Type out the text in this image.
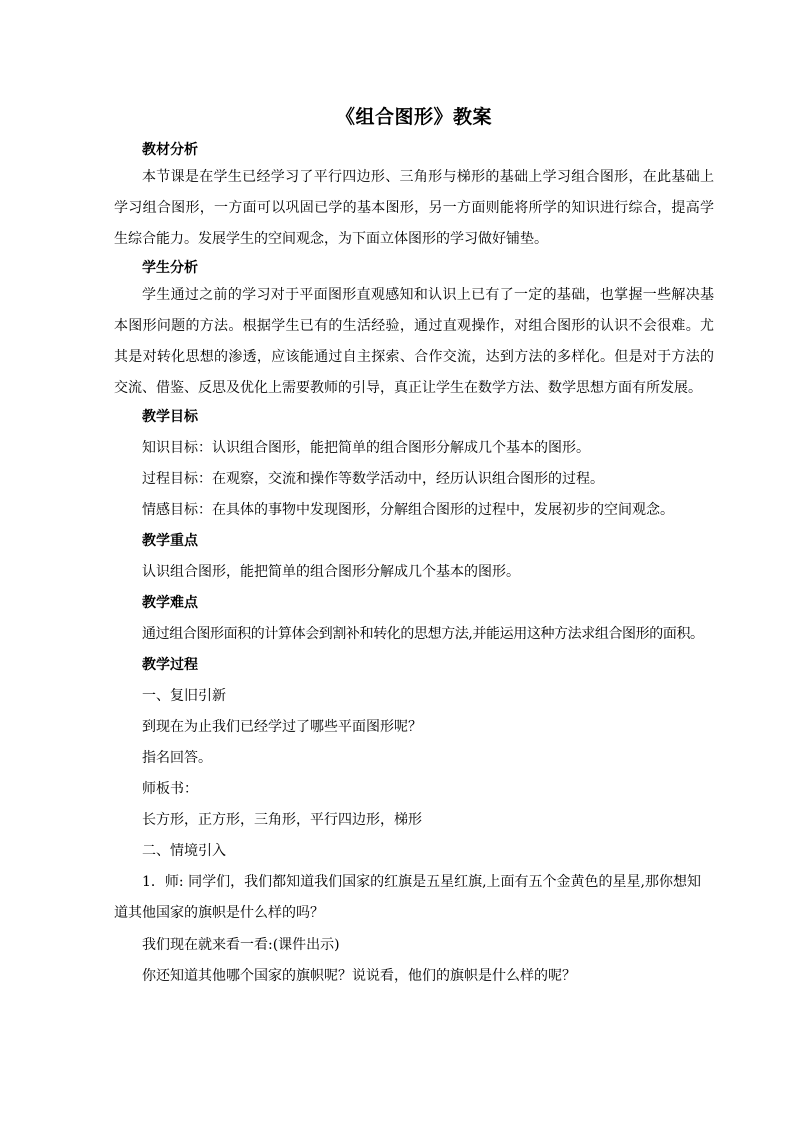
《组合图形》教案
教材分析
本节课是在学生已经学习了平行四边形、三角形与梯形的基础上学习组合图形，在此基础上学习组合图形，一方面可以巩固已学的基本图形，另一方面则能将所学的知识进行综合，提高学生综合能力。发展学生的空间观念，为下面立体图形的学习做好铺垫。
学生分析
学生通过之前的学习对于平面图形直观感知和认识上已有了一定的基础，也掌握一些解决基本图形问题的方法。根据学生已有的生活经验，通过直观操作，对组合图形的认识不会很难。尤其是对转化思想的渗透，应该能通过自主探索、合作交流，达到方法的多样化。但是对于方法的交流、借鉴、反思及优化上需要教师的引导，真正让学生在数学方法、数学思想方面有所发展。
教学目标
知识目标：认识组合图形，能把简单的组合图形分解成几个基本的图形。
过程目标：在观察，交流和操作等数学活动中，经历认识组合图形的过程。
情感目标：在具体的事物中发现图形，分解组合图形的过程中，发展初步的空间观念。
教学重点
认识组合图形，能把简单的组合图形分解成几个基本的图形。
教学难点
通过组合图形面积的计算体会到割补和转化的思想方法,并能运用这种方法求组合图形的面积。
教学过程
一、复旧引新
到现在为止我们已经学过了哪些平面图形呢？
指名回答。
师板书：
长方形，正方形，三角形，平行四边形，梯形
二、情境引入
1．师: 同学们，我们都知道我们国家的红旗是五星红旗,上面有五个金黄色的星星,那你想知道其他国家的旗帜是什么样的吗？
我们现在就来看一看:(课件出示)
你还知道其他哪个国家的旗帜呢？说说看，他们的旗帜是什么样的呢？
